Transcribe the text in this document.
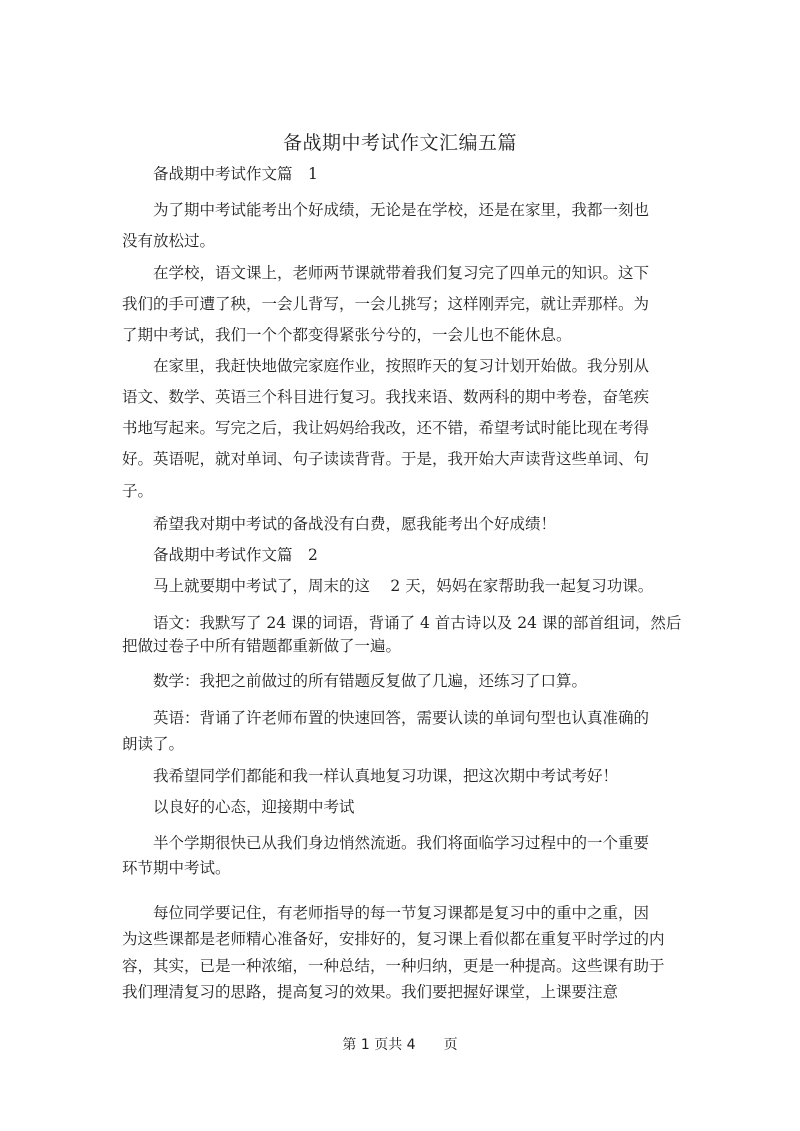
备战期中考试作文汇编五篇

备战期中考试作文篇　1

为了期中考试能考出个好成绩，无论是在学校，还是在家里，我都一刻也

没有放松过。

在学校，语文课上，老师两节课就带着我们复习完了四单元的知识。这下

我们的手可遭了秧，一会儿背写，一会儿挑写；这样刚弄完，就让弄那样。为

了期中考试，我们一个个都变得紧张兮兮的，一会儿也不能休息。

在家里，我赶快地做完家庭作业，按照昨天的复习计划开始做。我分别从

语文、数学、英语三个科目进行复习。我找来语、数两科的期中考卷，奋笔疾

书地写起来。写完之后，我让妈妈给我改，还不错，希望考试时能比现在考得

好。英语呢，就对单词、句子读读背背。于是，我开始大声读背这些单词、句

子。

希望我对期中考试的备战没有白费，愿我能考出个好成绩！

备战期中考试作文篇　2

马上就要期中考试了，周末的这　 2 天，妈妈在家帮助我一起复习功课。

语文：我默写了 24 课的词语，背诵了 4 首古诗以及 24 课的部首组词，然后

把做过卷子中所有错题都重新做了一遍。

数学：我把之前做过的所有错题反复做了几遍，还练习了口算。

英语：背诵了许老师布置的快速回答，需要认读的单词句型也认真准确的

朗读了。

我希望同学们都能和我一样认真地复习功课，把这次期中考试考好！

以良好的心态，迎接期中考试

半个学期很快已从我们身边悄然流逝。我们将面临学习过程中的一个重要

环节期中考试。

每位同学要记住，有老师指导的每一节复习课都是复习中的重中之重，因

为这些课都是老师精心准备好，安排好的，复习课上看似都在重复平时学过的内

容，其实，已是一种浓缩，一种总结，一种归纳，更是一种提高。这些课有助于

我们理清复习的思路，提高复习的效果。我们要把握好课堂，上课要注意

第 1 页共 4　　页
